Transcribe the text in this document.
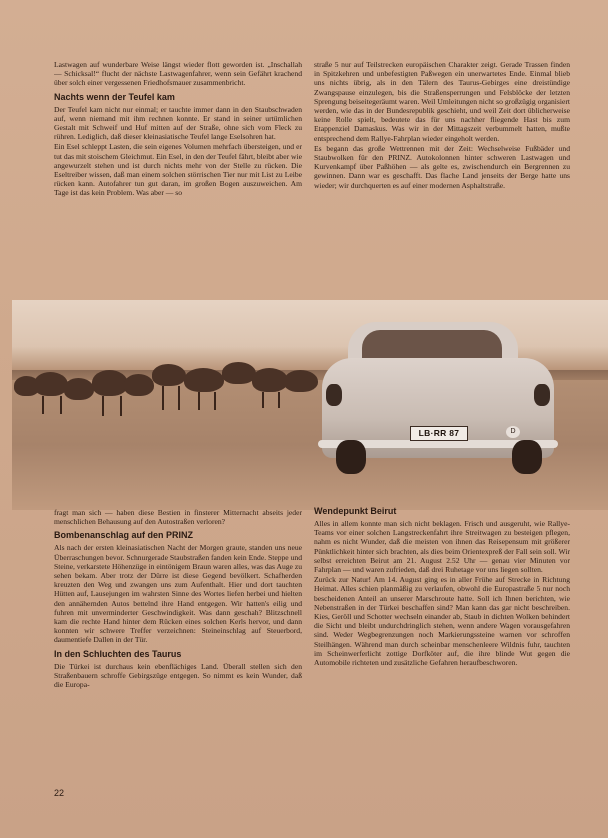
Lastwagen auf wunderbare Weise längst wieder flott geworden ist. „Inschallah — Schicksal!“ flucht der nächste Lastwagenfahrer, wenn sein Gefährt krachend über solch einer vergessenen Friedhofsmauer zusammenbricht.

Nachts wenn der Teufel kam

Der Teufel kam nicht nur einmal; er tauchte immer dann in den Staubschwaden auf, wenn niemand mit ihm rechnen konnte. Er stand in seiner urtümlichen Gestalt mit Schweif und Huf mitten auf der Straße, ohne sich vom Fleck zu rühren. Lediglich, daß dieser kleinasiatische Teufel lange Eselsohren hat.

Ein Esel schleppt Lasten, die sein eigenes Volumen mehrfach übersteigen, und er tut das mit stoischem Gleichmut. Ein Esel, in den der Teufel fährt, bleibt aber wie angewurzelt stehen und ist durch nichts mehr von der Stelle zu rücken. Die Eseltreiber wissen, daß man einem solchen störrischen Tier nur mit List zu Leibe rücken kann. Autofahrer tun gut daran, im großen Bogen auszuweichen. Am Tage ist das kein Problem. Was aber — so

straße 5 nur auf Teilstrecken europäischen Charakter zeigt. Gerade Trassen finden in Spitzkehren und unbefestigten Paßwegen ein unerwartetes Ende. Einmal blieb uns nichts übrig, als in den Tälern des Taurus-Gebirges eine dreistündige Zwangspause einzulegen, bis die Straßensperrungen und Felsblöcke der letzten Sprengung beiseitegeräumt waren. Weil Umleitungen nicht so großzügig organisiert werden, wie das in der Bundesrepublik geschieht, und weil Zeit dort üblicherweise keine Rolle spielt, bedeutete das für uns nachher fliegende Hast bis zum Etappenziel Damaskus. Was wir in der Mittagszeit verbummelt hatten, mußte entsprechend dem Rallye-Fahrplan wieder eingeholt werden.

Es begann das große Wettrennen mit der Zeit: Wechselweise Fußbäder und Staubwolken für den PRINZ. Autokolonnen hinter schweren Lastwagen und Kurvenkampf über Paßhöhen — als gelte es, zwischendurch ein Bergrennen zu gewinnen. Dann war es geschafft. Das flache Land jenseits der Berge hatte uns wieder; wir durchquerten es auf einer modernen Asphaltstraße.

LB·RR 87	D

fragt man sich — haben diese Bestien in finsterer Mitternacht abseits jeder menschlichen Behausung auf den Autostraßen verloren?

Bombenanschlag auf den PRINZ

Als nach der ersten kleinasiatischen Nacht der Morgen graute, standen uns neue Überraschungen bevor. Schnurgerade Staubstraßen fanden kein Ende. Steppe und Steine, verkarstete Höhenzüge in eintönigem Braun waren alles, was das Auge zu sehen bekam. Aber trotz der Dürre ist diese Gegend bevölkert. Schafherden kreuzten den Weg und zwangen uns zum Aufenthalt. Hier und dort tauchten Hütten auf, Lausejungen im wahrsten Sinne des Wortes liefen herbei und hielten den annähernden Autos bettelnd ihre Hand entgegen. Wir hatten's eilig und fuhren mit unverminderter Geschwindigkeit. Was dann geschah? Blitzschnell kam die rechte Hand hinter dem Rücken eines solchen Kerls hervor, und dann konnten wir schwere Treffer verzeichnen: Steineinschlag auf Steuerbord, daumentiefe Dallen in der Tür.

In den Schluchten des Taurus

Die Türkei ist durchaus kein ebenflächiges Land. Überall stellen sich den Straßenbauern schroffe Gebirgszüge entgegen. So nimmt es kein Wunder, daß die Europa-

Wendepunkt Beirut

Alles in allem konnte man sich nicht beklagen. Frisch und ausgeruht, wie Rallye-Teams vor einer solchen Langstreckenfahrt ihre Streitwagen zu besteigen pflegen, nahm es nicht Wunder, daß die meisten von ihnen das Reisepensum mit größerer Pünktlichkeit hinter sich brachten, als dies beim Orientexpreß der Fall sein soll. Wir selbst erreichten Beirut am 21. August 2.52 Uhr — genau vier Minuten vor Fahrplan — und waren zufrieden, daß drei Ruhetage vor uns liegen sollten.

Zurück zur Natur! Am 14. August ging es in aller Frühe auf Strecke in Richtung Heimat. Alles schien planmäßig zu verlaufen, obwohl die Europastraße 5 nur noch bescheidenen Anteil an unserer Marschroute hatte. Soll ich Ihnen berichten, wie Nebenstraßen in der Türkei beschaffen sind? Man kann das gar nicht beschreiben. Kies, Geröll und Schotter wechseln einander ab, Staub in dichten Wolken behindert die Sicht und bleibt undurchdringlich stehen, wenn andere Wagen vorausgefahren sind. Weder Wegbegrenzungen noch Markierungssteine warnen vor schroffen Steilhängen. Während man durch scheinbar menschenleere Wildnis fuhr, tauchten im Scheinwerferlicht zottige Dorfköter auf, die ihre blinde Wut gegen die Automobile richteten und zusätzliche Gefahren heraufbeschworen.

22
